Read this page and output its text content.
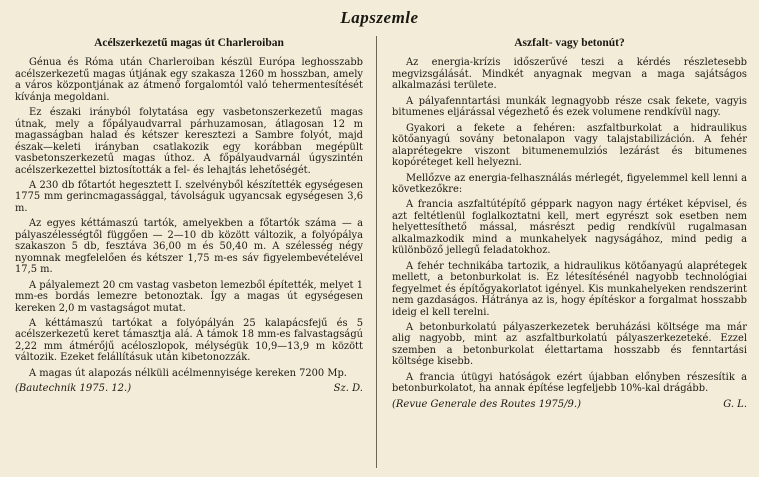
Lapszemle
Acélszerkezetű magas út Charleroiban

Génua és Róma után Charleroiban készül Európa leghosszabb acélszerkezetű magas útjának egy szakasza 1260 m hosszban, amely a város központjának az átmenő forgalomtól való tehermentesítését kívánja megoldani.

Ez északi irányból folytatása egy vasbetonszerkezetű magas útnak, mely a főpályaudvarral párhuzamosan, átlagosan 12 m magasságban halad és kétszer keresztezi a Sambre folyót, majd észak—keleti irányban csatlakozik egy korábban megépült vasbetonszerkezetű magas úthoz. A főpályaudvarnál úgyszintén acélszerkezettel biztosították a fel- és lehajtás lehetőségét.

A 230 db főtartót hegesztett I. szelvényből készítették egységesen 1775 mm gerincmagassággal, távolságuk ugyancsak egységesen 3,6 m.

Az egyes kéttámaszú tartók, amelyekben a főtartók száma — a pályaszélességtől függően — 2—10 db között változik, a folyópálya szakaszon 5 db, fesztáva 36,00 m és 50,40 m. A szélesség négy nyomnak megfelelően és kétszer 1,75 m-es sáv figyelembevételével 17,5 m.

A pályalemezt 20 cm vastag vasbeton lemezből építették, melyet 1 mm-es bordás lemezre betonoztak. Így a magas út egységesen kereken 2,0 m vastagságot mutat.

A kéttámaszú tartókat a folyópályán 25 kalapácsfejű és 5 acélszerkezetű keret támasztja alá. A támok 18 mm-es falvastagságú 2,22 mm átmérőjű acéloszlopok, mélységük 10,9—13,9 m között változik. Ezeket felállításuk után kibetonozzák.

A magas út alapozás nélküli acélmennyisége kereken 7200 Mp.

(Bautechnik 1975. 12.)	Sz. D.
Aszfalt- vagy betonút?

Az energia-krízis időszerűvé teszi a kérdés részletesebb megvizsgálását. Mindkét anyagnak megvan a maga sajátságos alkalmazási területe.

A pályafenntartási munkák legnagyobb része csak fekete, vagyis bitumenes eljárással végezhető és ezek volumene rendkívül nagy.

Gyakori a fekete a fehéren: aszfaltburkolat a hidraulikus kötőanyagú sovány betonalapon vagy talajstabilizáción. A fehér alaprétegekre viszont bitumenemulziós lezárást és bitumenes kopóréteget kell helyezni.

Mellőzve az energia-felhasználás mérlegét, figyelemmel kell lenni a következőkre:

A francia aszfaltútépítő géppark nagyon nagy értéket képvisel, és azt feltétlenül foglalkoztatni kell, mert egyrészt sok esetben nem helyettesíthető mással, másrészt pedig rendkívül rugalmasan alkalmazkodik mind a munkahelyek nagyságához, mind pedig a különböző jellegű feladatokhoz.

A fehér technikába tartozik, a hidraulikus kötőanyagú alaprétegek mellett, a betonburkolat is. Ez létesítésénél nagyobb technológiai fegyelmet és építőgyakorlatot igényel. Kis munkahelyeken rendszerint nem gazdaságos. Hátránya az is, hogy építéskor a forgalmat hosszabb ideig el kell terelni.

A betonburkolatú pályaszerkezetek beruházási költsége ma már alig nagyobb, mint az aszfaltburkolatú pályaszerkezeteké. Ezzel szemben a betonburkolat élettartama hosszabb és fenntartási költsége kisebb.

A francia útügyi hatóságok ezért újabban előnyben részesítik a betonburkolatot, ha annak építése legfeljebb 10%-kal drágább.

(Revue Generale des Routes 1975/9.)	G. L.
